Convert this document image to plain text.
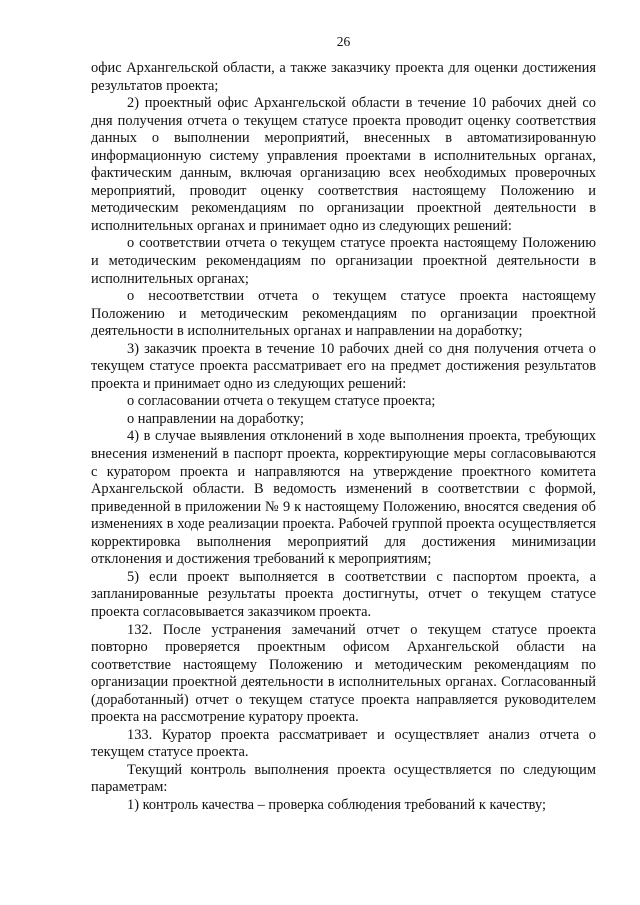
26

офис Архангельской области, а также заказчику проекта для оценки достижения результатов проекта;

2) проектный офис Архангельской области в течение 10 рабочих дней со дня получения отчета о текущем статусе проекта проводит оценку соответствия данных о выполнении мероприятий, внесенных в автоматизированную информационную систему управления проектами в исполнительных органах, фактическим данным, включая организацию всех необходимых проверочных мероприятий, проводит оценку соответствия настоящему Положению и методическим рекомендациям по организации проектной деятельности в исполнительных органах и принимает одно из следующих решений:

о соответствии отчета о текущем статусе проекта настоящему Положению и методическим рекомендациям по организации проектной деятельности в исполнительных органах;

о несоответствии отчета о текущем статусе проекта настоящему Положению и методическим рекомендациям по организации проектной деятельности в исполнительных органах и направлении на доработку;

3) заказчик проекта в течение 10 рабочих дней со дня получения отчета о текущем статусе проекта рассматривает его на предмет достижения результатов проекта и принимает одно из следующих решений:

о согласовании отчета о текущем статусе проекта;

о направлении на доработку;

4) в случае выявления отклонений в ходе выполнения проекта, требующих внесения изменений в паспорт проекта, корректирующие меры согласовываются с куратором проекта и направляются на утверждение проектного комитета Архангельской области. В ведомость изменений в соответствии с формой, приведенной в приложении № 9 к настоящему Положению, вносятся сведения об изменениях в ходе реализации проекта. Рабочей группой проекта осуществляется корректировка выполнения мероприятий для достижения минимизации отклонения и достижения требований к мероприятиям;

5) если проект выполняется в соответствии с паспортом проекта, а запланированные результаты проекта достигнуты, отчет о текущем статусе проекта согласовывается заказчиком проекта.

132. После устранения замечаний отчет о текущем статусе проекта повторно проверяется проектным офисом Архангельской области на соответствие настоящему Положению и методическим рекомендациям по организации проектной деятельности в исполнительных органах. Согласованный (доработанный) отчет о текущем статусе проекта направляется руководителем проекта на рассмотрение куратору проекта.

133. Куратор проекта рассматривает и осуществляет анализ отчета о текущем статусе проекта.

Текущий контроль выполнения проекта осуществляется по следующим параметрам:

1) контроль качества – проверка соблюдения требований к качеству;
